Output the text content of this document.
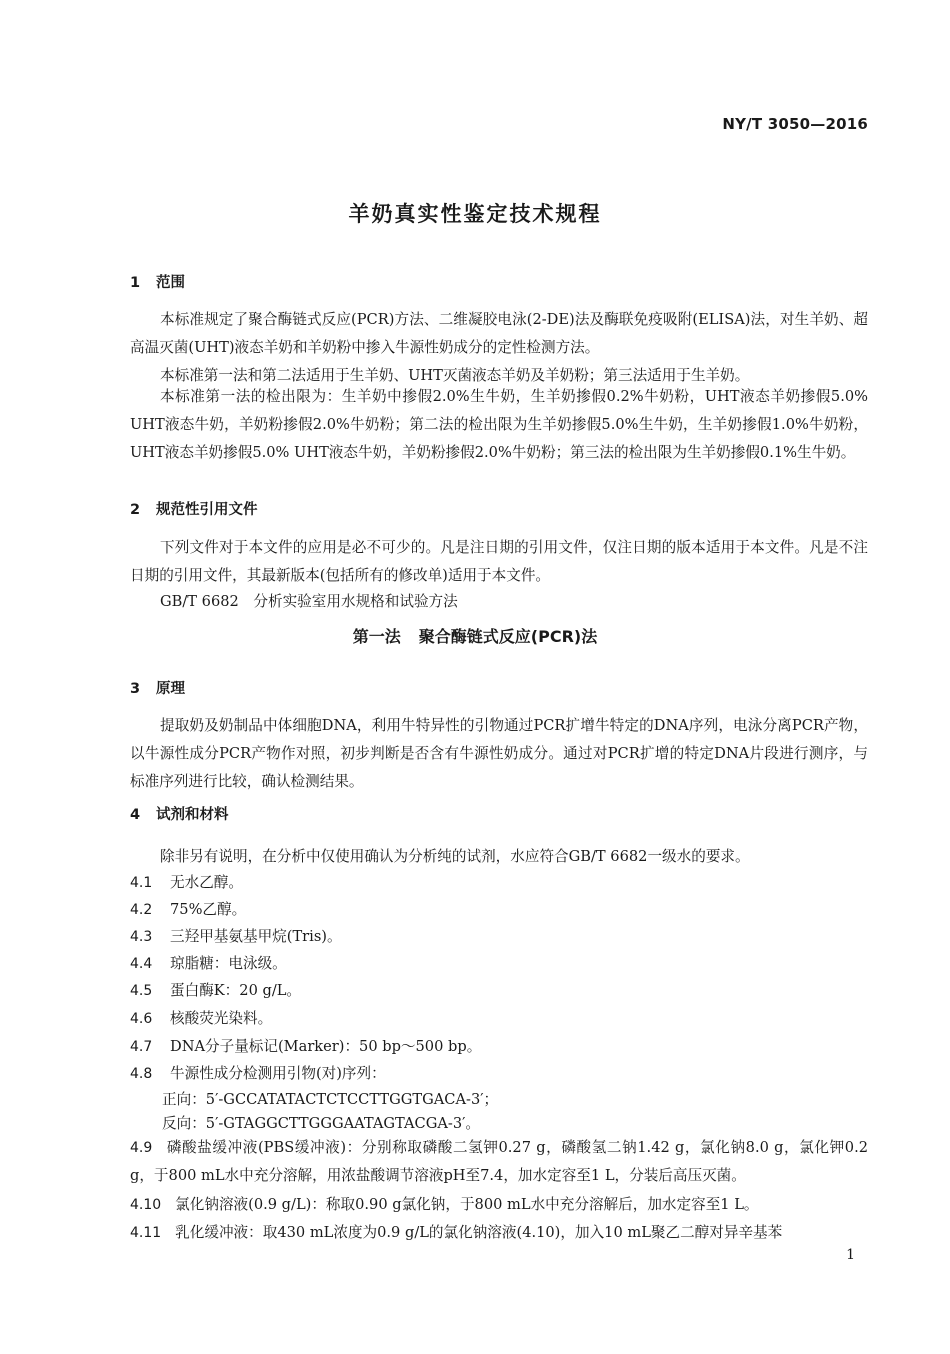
NY/T 3050—2016
羊奶真实性鉴定技术规程
1 范围
本标准规定了聚合酶链式反应(PCR)方法、二维凝胶电泳(2-DE)法及酶联免疫吸附(ELISA)法，对生羊奶、超高温灭菌(UHT)液态羊奶和羊奶粉中掺入牛源性奶成分的定性检测方法。
本标准第一法和第二法适用于生羊奶、UHT灭菌液态羊奶及羊奶粉；第三法适用于生羊奶。
本标准第一法的检出限为：生羊奶中掺假2.0%生牛奶，生羊奶掺假0.2%牛奶粉，UHT液态羊奶掺假5.0% UHT液态牛奶，羊奶粉掺假2.0%牛奶粉；第二法的检出限为生羊奶掺假5.0%生牛奶，生羊奶掺假1.0%牛奶粉，UHT液态羊奶掺假5.0% UHT液态牛奶，羊奶粉掺假2.0%牛奶粉；第三法的检出限为生羊奶掺假0.1%生牛奶。
2 规范性引用文件
下列文件对于本文件的应用是必不可少的。凡是注日期的引用文件，仅注日期的版本适用于本文件。凡是不注日期的引用文件，其最新版本(包括所有的修改单)适用于本文件。
GB/T 6682　分析实验室用水规格和试验方法
第一法 聚合酶链式反应(PCR)法
3 原理
提取奶及奶制品中体细胞DNA，利用牛特异性的引物通过PCR扩增牛特定的DNA序列，电泳分离PCR产物，以牛源性成分PCR产物作对照，初步判断是否含有牛源性奶成分。通过对PCR扩增的特定DNA片段进行测序，与标准序列进行比较，确认检测结果。
4 试剂和材料
除非另有说明，在分析中仅使用确认为分析纯的试剂，水应符合GB/T 6682一级水的要求。
4.1 无水乙醇。
4.2 75%乙醇。
4.3 三羟甲基氨基甲烷(Tris)。
4.4 琼脂糖：电泳级。
4.5 蛋白酶K：20 g/L。
4.6 核酸荧光染料。
4.7 DNA分子量标记(Marker)：50 bp～500 bp。
4.8 牛源性成分检测用引物(对)序列：
正向：5′-GCCATATACTCTCCTTGGTGACA-3′；
反向：5′-GTAGGCTTGGGAATAGTACGA-3′。
4.9 磷酸盐缓冲液(PBS缓冲液)：分别称取磷酸二氢钾0.27 g，磷酸氢二钠1.42 g，氯化钠8.0 g，氯化钾0.2 g，于800 mL水中充分溶解，用浓盐酸调节溶液pH至7.4，加水定容至1 L，分装后高压灭菌。
4.10 氯化钠溶液(0.9 g/L)：称取0.90 g氯化钠，于800 mL水中充分溶解后，加水定容至1 L。
4.11 乳化缓冲液：取430 mL浓度为0.9 g/L的氯化钠溶液(4.10)，加入10 mL聚乙二醇对异辛基苯
1
